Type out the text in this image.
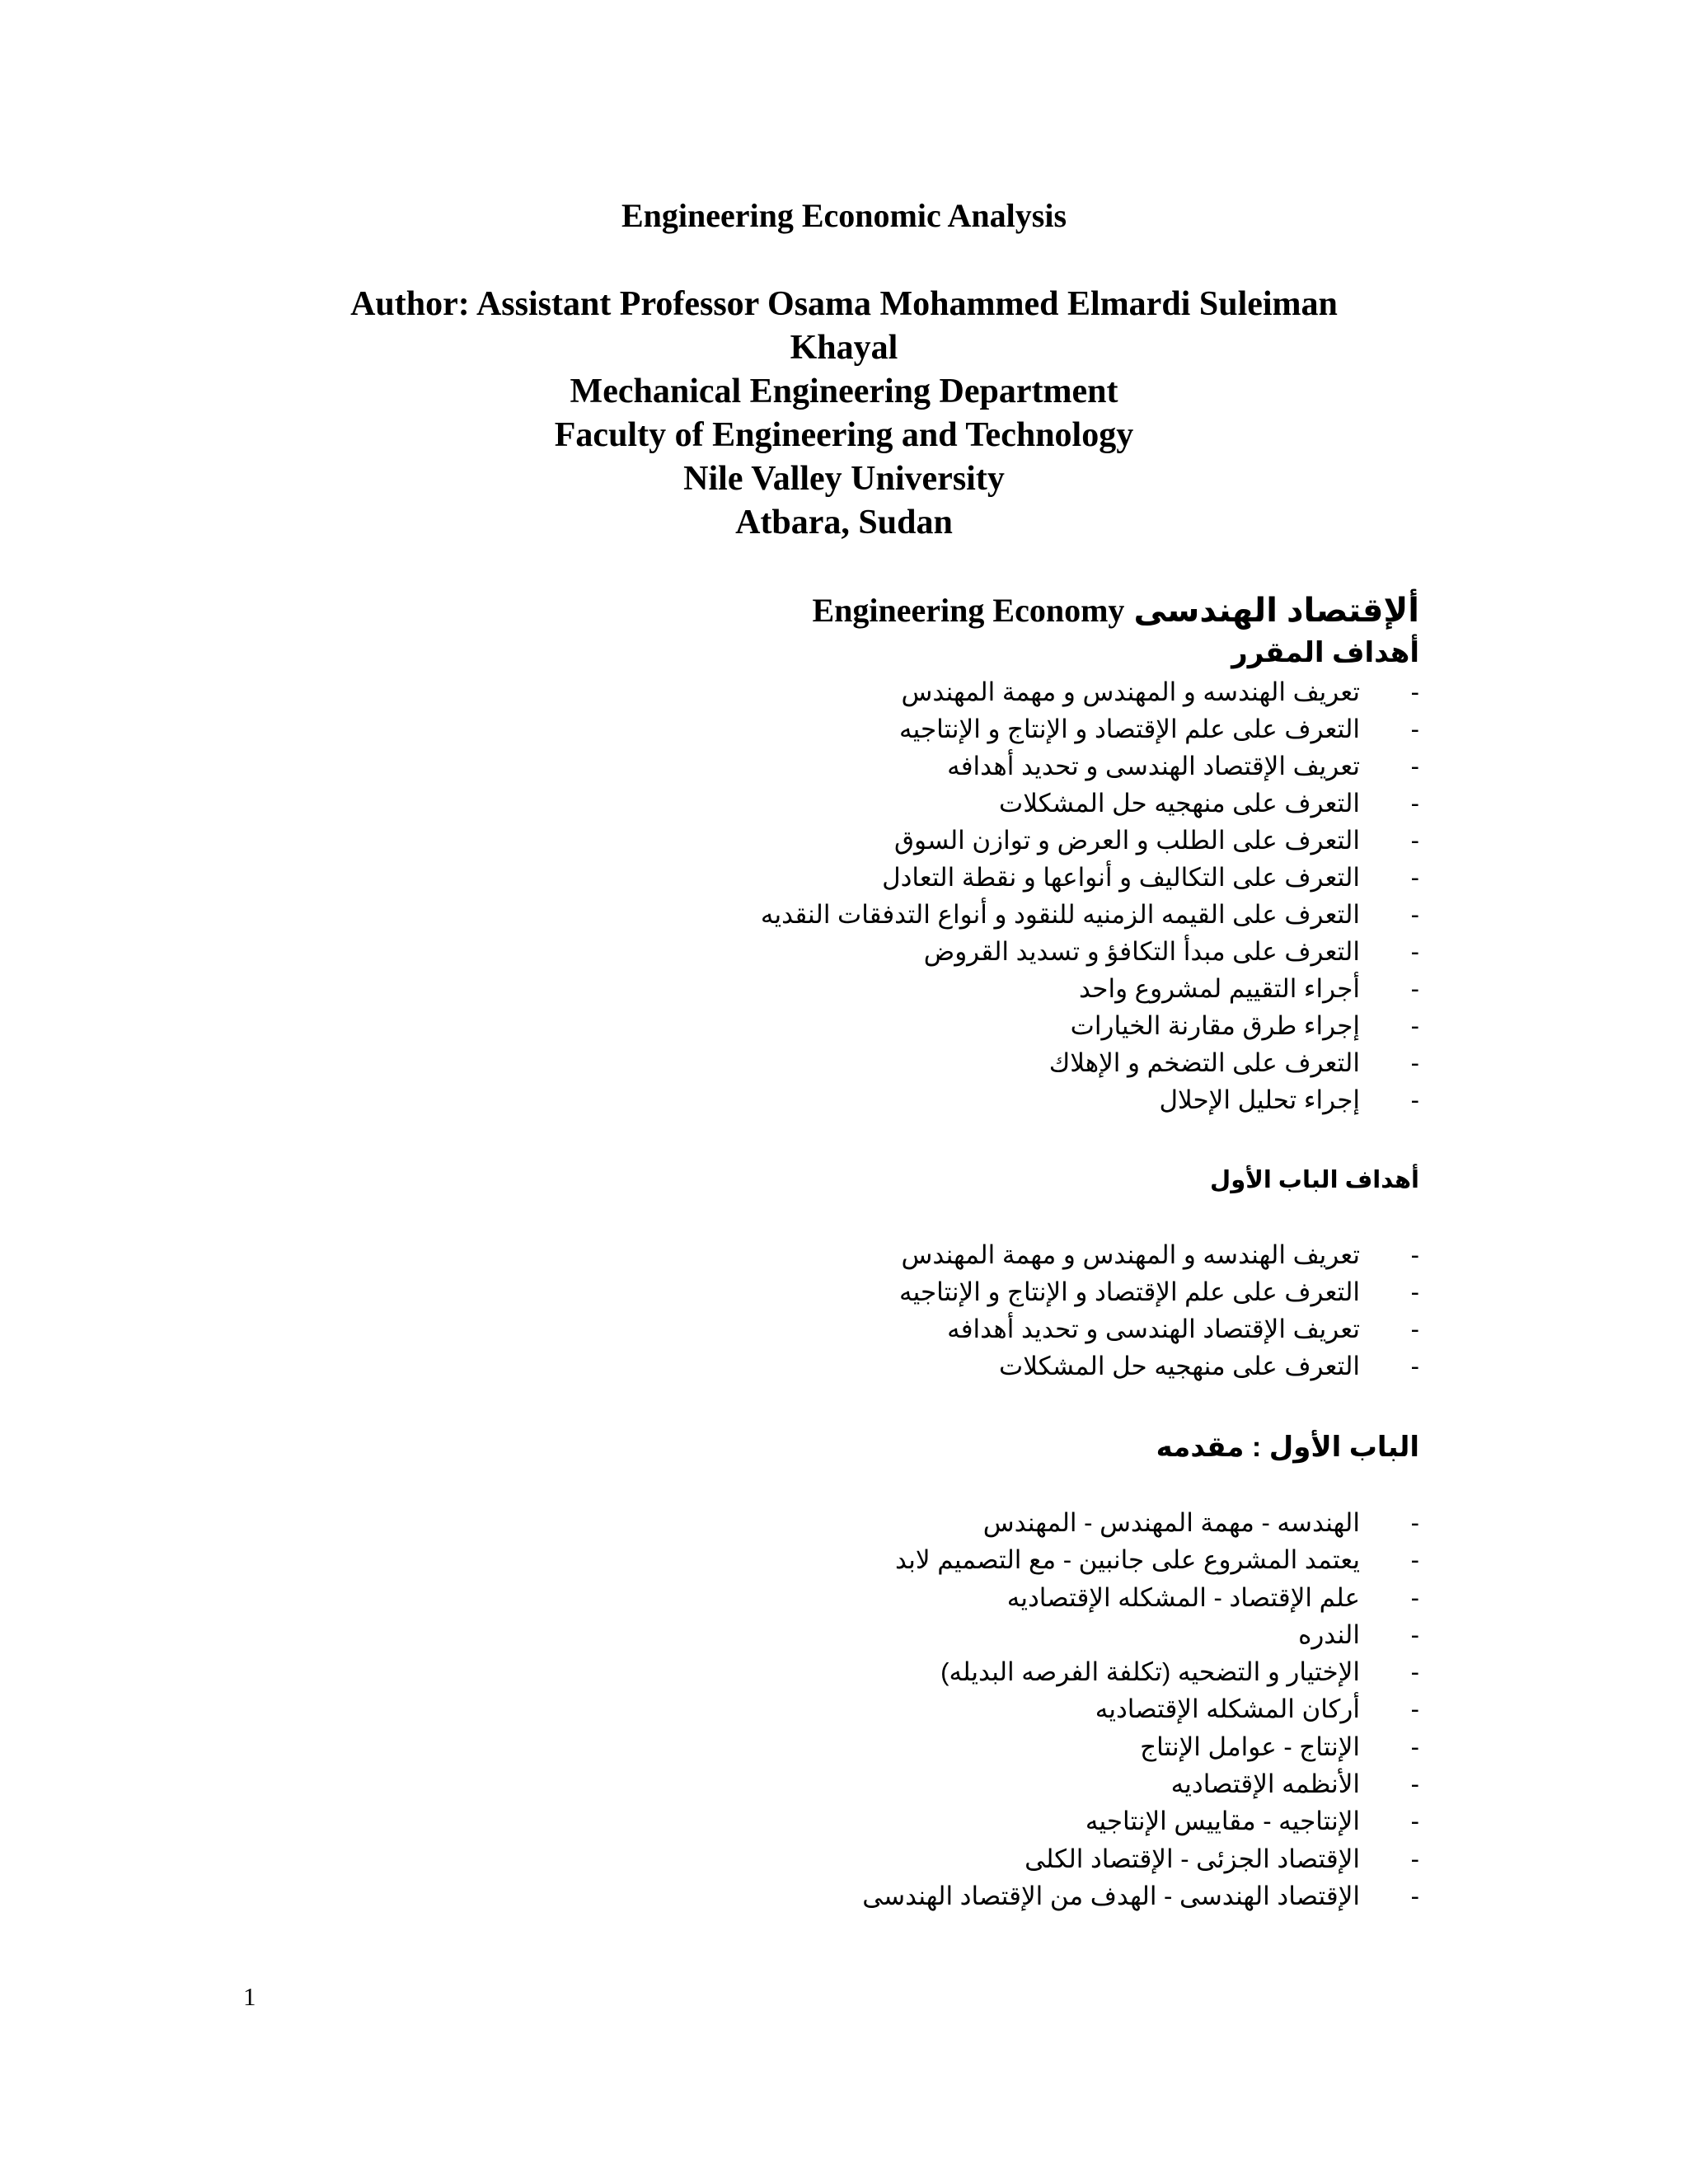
Engineering Economic Analysis
Author: Assistant Professor Osama Mohammed Elmardi Suleiman
Khayal
Mechanical Engineering Department
Faculty of Engineering and Technology
Nile Valley University
Atbara, Sudan
ألإقتصاد الهندسى Engineering Economy
أهداف المقرر
-
تعريف الهندسه و المهندس و مهمة المهندس
-
التعرف على علم الإقتصاد و الإنتاج و الإنتاجيه
-
تعريف الإقتصاد الهندسى و تحديد أهدافه
-
التعرف على منهجيه حل المشكلات
-
التعرف على الطلب و العرض و توازن السوق
-
التعرف على التكاليف و أنواعها و نقطة التعادل
-
التعرف على القيمه الزمنيه للنقود و أنواع التدفقات النقديه
-
التعرف على مبدأ التكافؤ و تسديد القروض
-
أجراء التقييم لمشروع واحد
-
إجراء طرق مقارنة الخيارات
-
التعرف على التضخم و الإهلاك
-
إجراء تحليل الإحلال
أهداف الباب الأول
-
تعريف الهندسه و المهندس و مهمة المهندس
-
التعرف على علم الإقتصاد و الإنتاج و الإنتاجيه
-
تعريف الإقتصاد الهندسى و تحديد أهدافه
-
التعرف على منهجيه حل المشكلات
الباب الأول : مقدمه
-
الهندسه - مهمة المهندس - المهندس
-
يعتمد المشروع على جانبين - مع التصميم لابد
-
علم الإقتصاد - المشكله الإقتصاديه
-
الندره
-
الإختيار و التضحيه (تكلفة الفرصه البديله)
-
أركان المشكله الإقتصاديه
-
الإنتاج - عوامل الإنتاج
-
الأنظمه الإقتصاديه
-
الإنتاجيه - مقاييس الإنتاجيه
-
الإقتصاد الجزئى - الإقتصاد الكلى
-
الإقتصاد الهندسى - الهدف من الإقتصاد الهندسى
1
